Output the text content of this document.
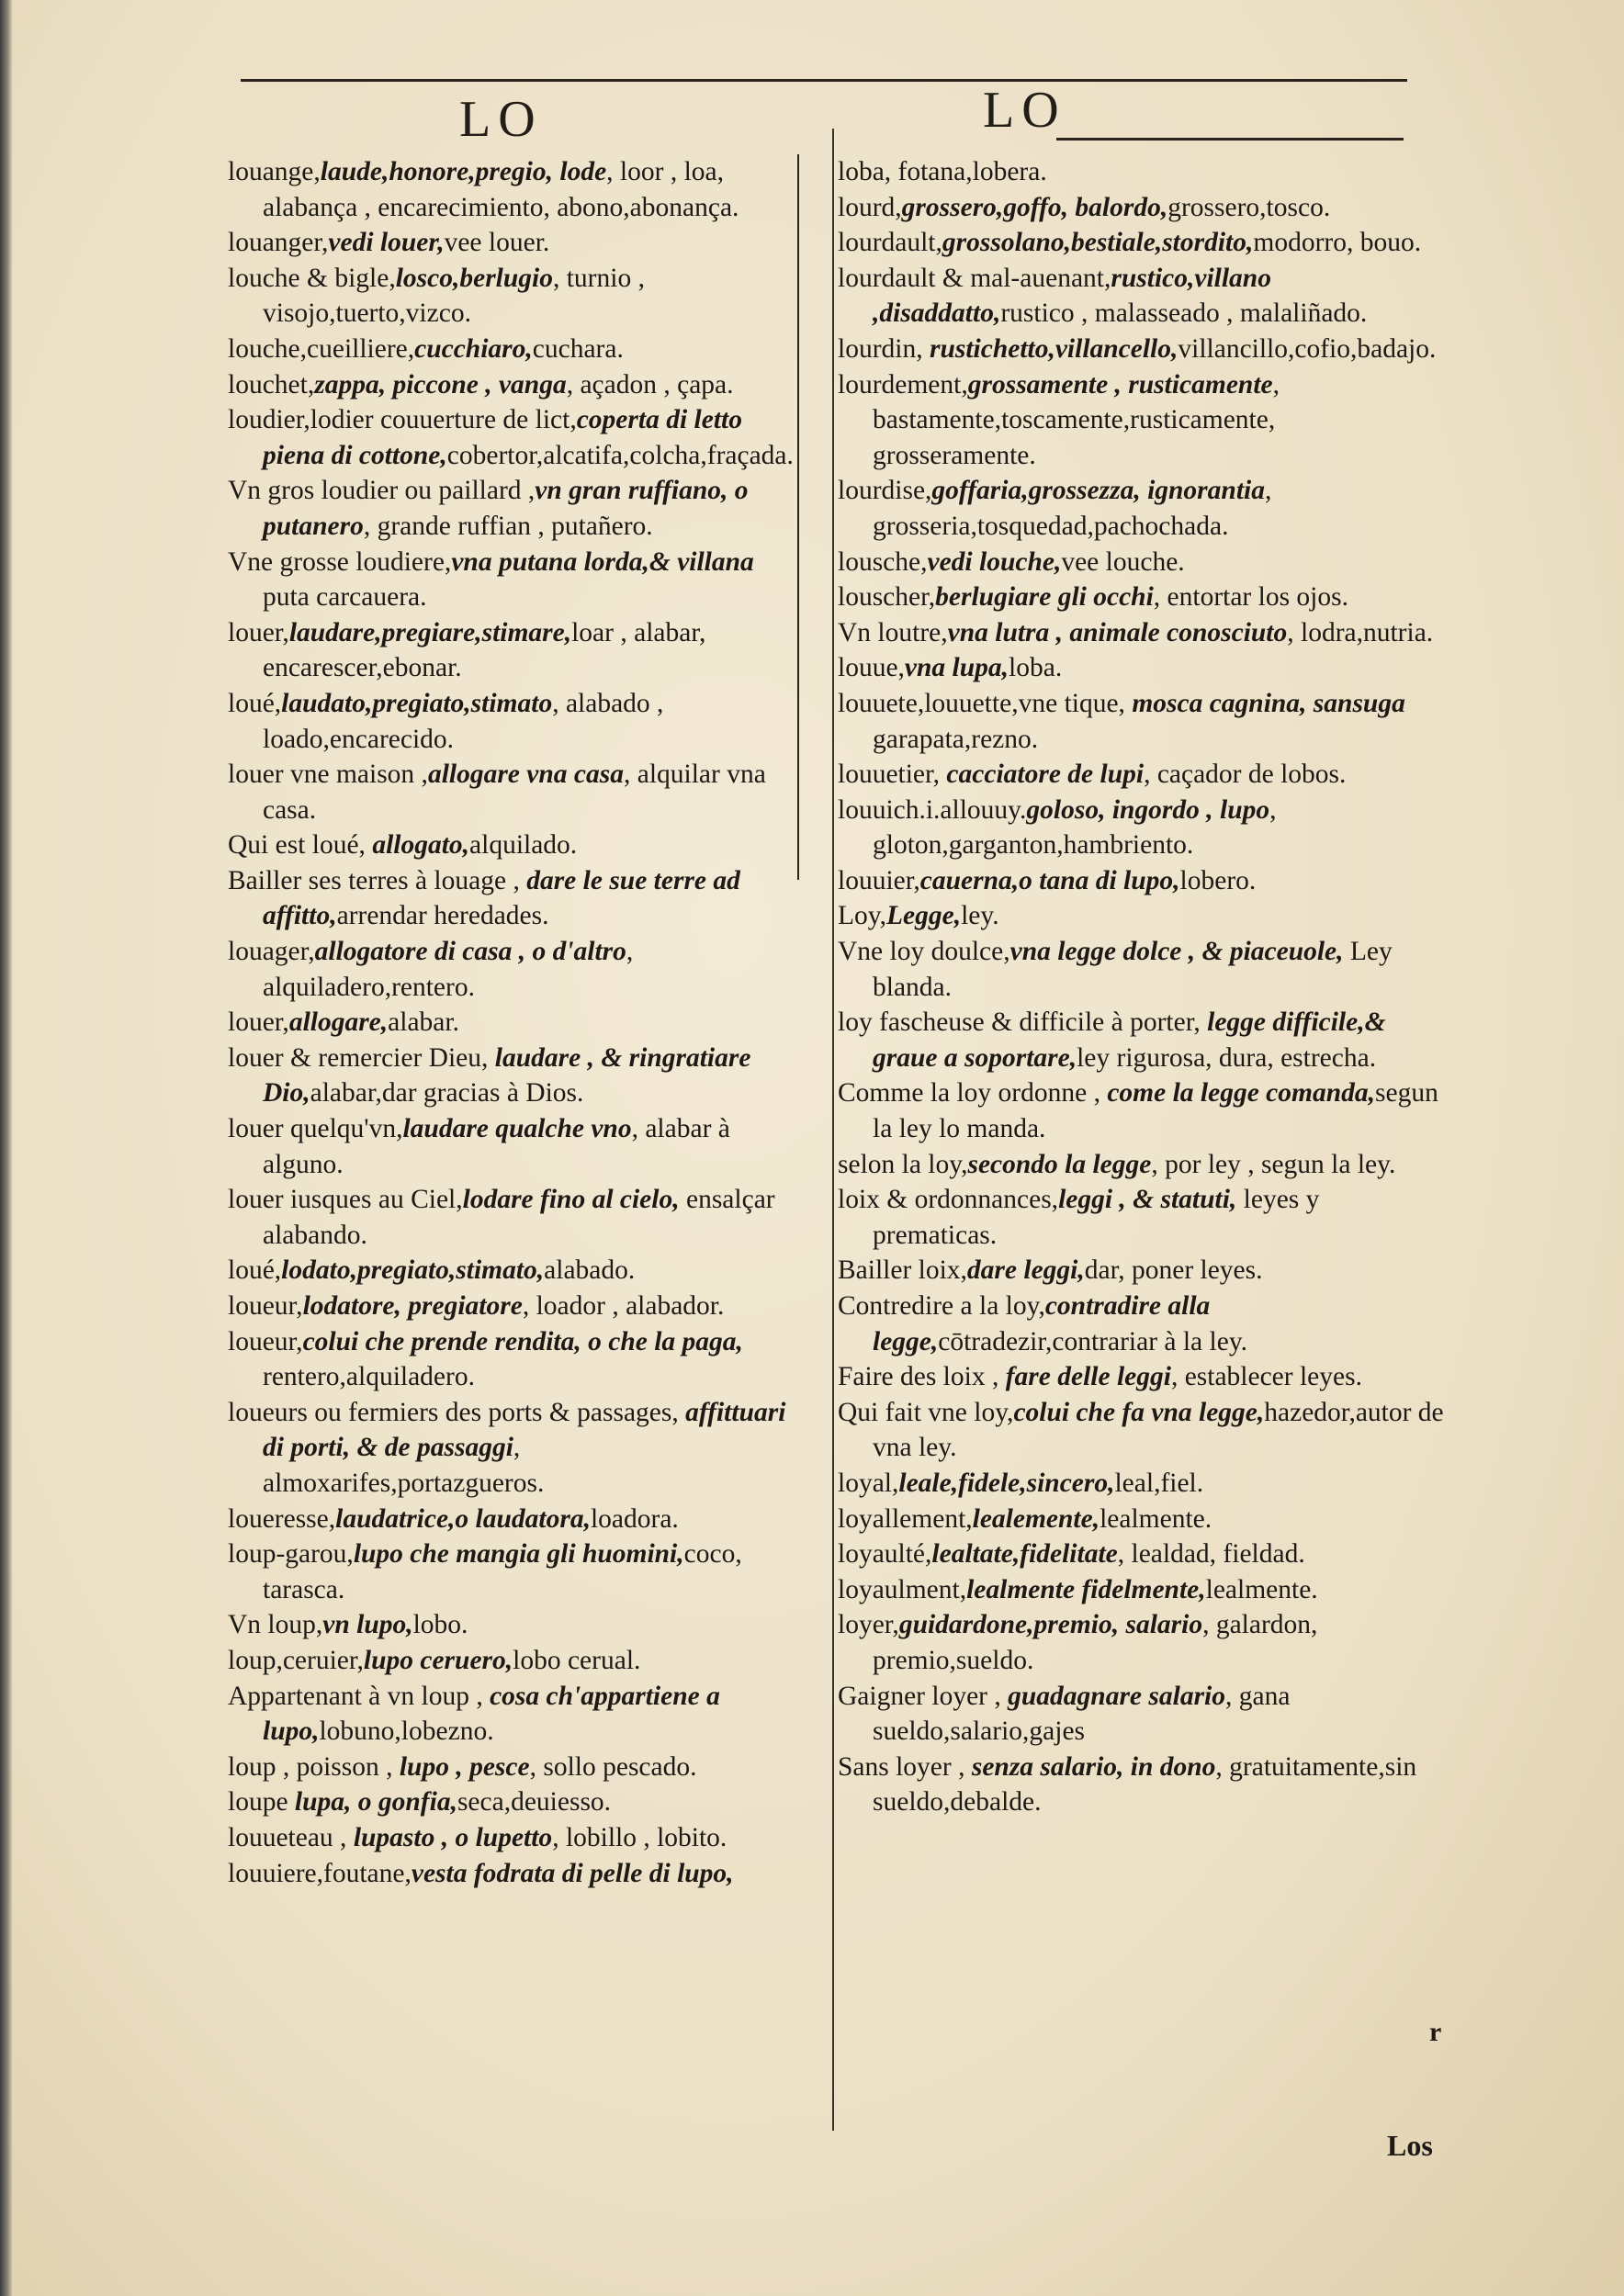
LO	LO

louange,laude,honore,pregio, lode, loor , loa, alabança , encarecimiento, abono,abonança.

louanger,vedi louer,vee louer.

louche & bigle,losco,berlugio, turnio , visojo,tuerto,vizco.

louche,cueilliere,cucchiaro,cuchara.

louchet,zappa, piccone , vanga, açadon , çapa.

loudier,lodier couuerture de lict,coperta di letto piena di cottone,cobertor,alcatifa,colcha,fraçada.

Vn gros loudier ou paillard ,vn gran ruffiano, o putanero, grande ruffian , putañero.

Vne grosse loudiere,vna putana lorda,& villana puta carcauera.

louer,laudare,pregiare,stimare,loar , alabar, encarescer,ebonar.

loué,laudato,pregiato,stimato, alabado , loado,encarecido.

louer vne maison ,allogare vna casa, alquilar vna casa.

Qui est loué, allogato,alquilado.

Bailler ses terres à louage , dare le sue terre ad affitto,arrendar heredades.

louager,allogatore di casa , o d'altro, alquiladero,rentero.

louer,allogare,alabar.

louer & remercier Dieu, laudare , & ringratiare Dio,alabar,dar gracias à Dios.

louer quelqu'vn,laudare qualche vno, alabar à alguno.

louer iusques au Ciel,lodare fino al cielo, ensalçar alabando.

loué,lodato,pregiato,stimato,alabado.

loueur,lodatore, pregiatore, loador , alabador.

loueur,colui che prende rendita, o che la paga, rentero,alquiladero.

loueurs ou fermiers des ports & passages, affittuari di porti, & de passaggi, almoxarifes,portazgueros.

loueresse,laudatrice,o laudatora,loadora.

loup-garou,lupo che mangia gli huomini,coco, tarasca.

Vn loup,vn lupo,lobo.

loup,ceruier,lupo ceruero,lobo cerual.

Appartenant à vn loup , cosa ch'appartiene a lupo,lobuno,lobezno.

loup , poisson , lupo , pesce, sollo pescado.

loupe lupa, o gonfia,seca,deuiesso.

louueteau , lupasto , o lupetto, lobillo , lobito.

louuiere,foutane,vesta fodrata di pelle di lupo,

loba, fotana,lobera.

lourd,grossero,goffo, balordo,grossero,tosco.

lourdault,grossolano,bestiale,stordito,modorro, bouo.

lourdault & mal-auenant,rustico,villano ,disaddatto,rustico , malasseado , malaliñado.

lourdin, rustichetto,villancello,villancillo,cofio,badajo.

lourdement,grossamente , rusticamente, bastamente,toscamente,rusticamente, grosseramente.

lourdise,goffaria,grossezza, ignorantia, grosseria,tosquedad,pachochada.

lousche,vedi louche,vee louche.

louscher,berlugiare gli occhi, entortar los ojos.

Vn loutre,vna lutra , animale conosciuto, lodra,nutria.

louue,vna lupa,loba.

louuete,louuette,vne tique, mosca cagnina, sansuga garapata,rezno.

louuetier, cacciatore de lupi, caçador de lobos.

louuich.i.allouuy.goloso, ingordo , lupo, gloton,garganton,hambriento.

louuier,cauerna,o tana di lupo,lobero.

Loy,Legge,ley.

Vne loy doulce,vna legge dolce , & piaceuole, Ley blanda.

loy fascheuse & difficile à porter, legge difficile,& graue a soportare,ley rigurosa, dura, estrecha.

Comme la loy ordonne , come la legge comanda,segun la ley lo manda.

selon la loy,secondo la legge, por ley , segun la ley.

loix & ordonnances,leggi , & statuti, leyes y prematicas.

Bailler loix,dare leggi,dar, poner leyes.

Contredire a la loy,contradire alla legge,cōtradezir,contrariar à la ley.

Faire des loix , fare delle leggi, establecer leyes.

Qui fait vne loy,colui che fa vna legge,hazedor,autor de vna ley.

loyal,leale,fidele,sincero,leal,fiel.

loyallement,lealemente,lealmente.

loyaulté,lealtate,fidelitate, lealdad, fieldad.

loyaulment,lealmente fidelmente,lealmente.

loyer,guidardone,premio, salario, galardon, premio,sueldo.

Gaigner loyer , guadagnare salario, gana sueldo,salario,gajes

Sans loyer , senza salario, in dono, gratuitamente,sin sueldo,debalde.

r
Los
